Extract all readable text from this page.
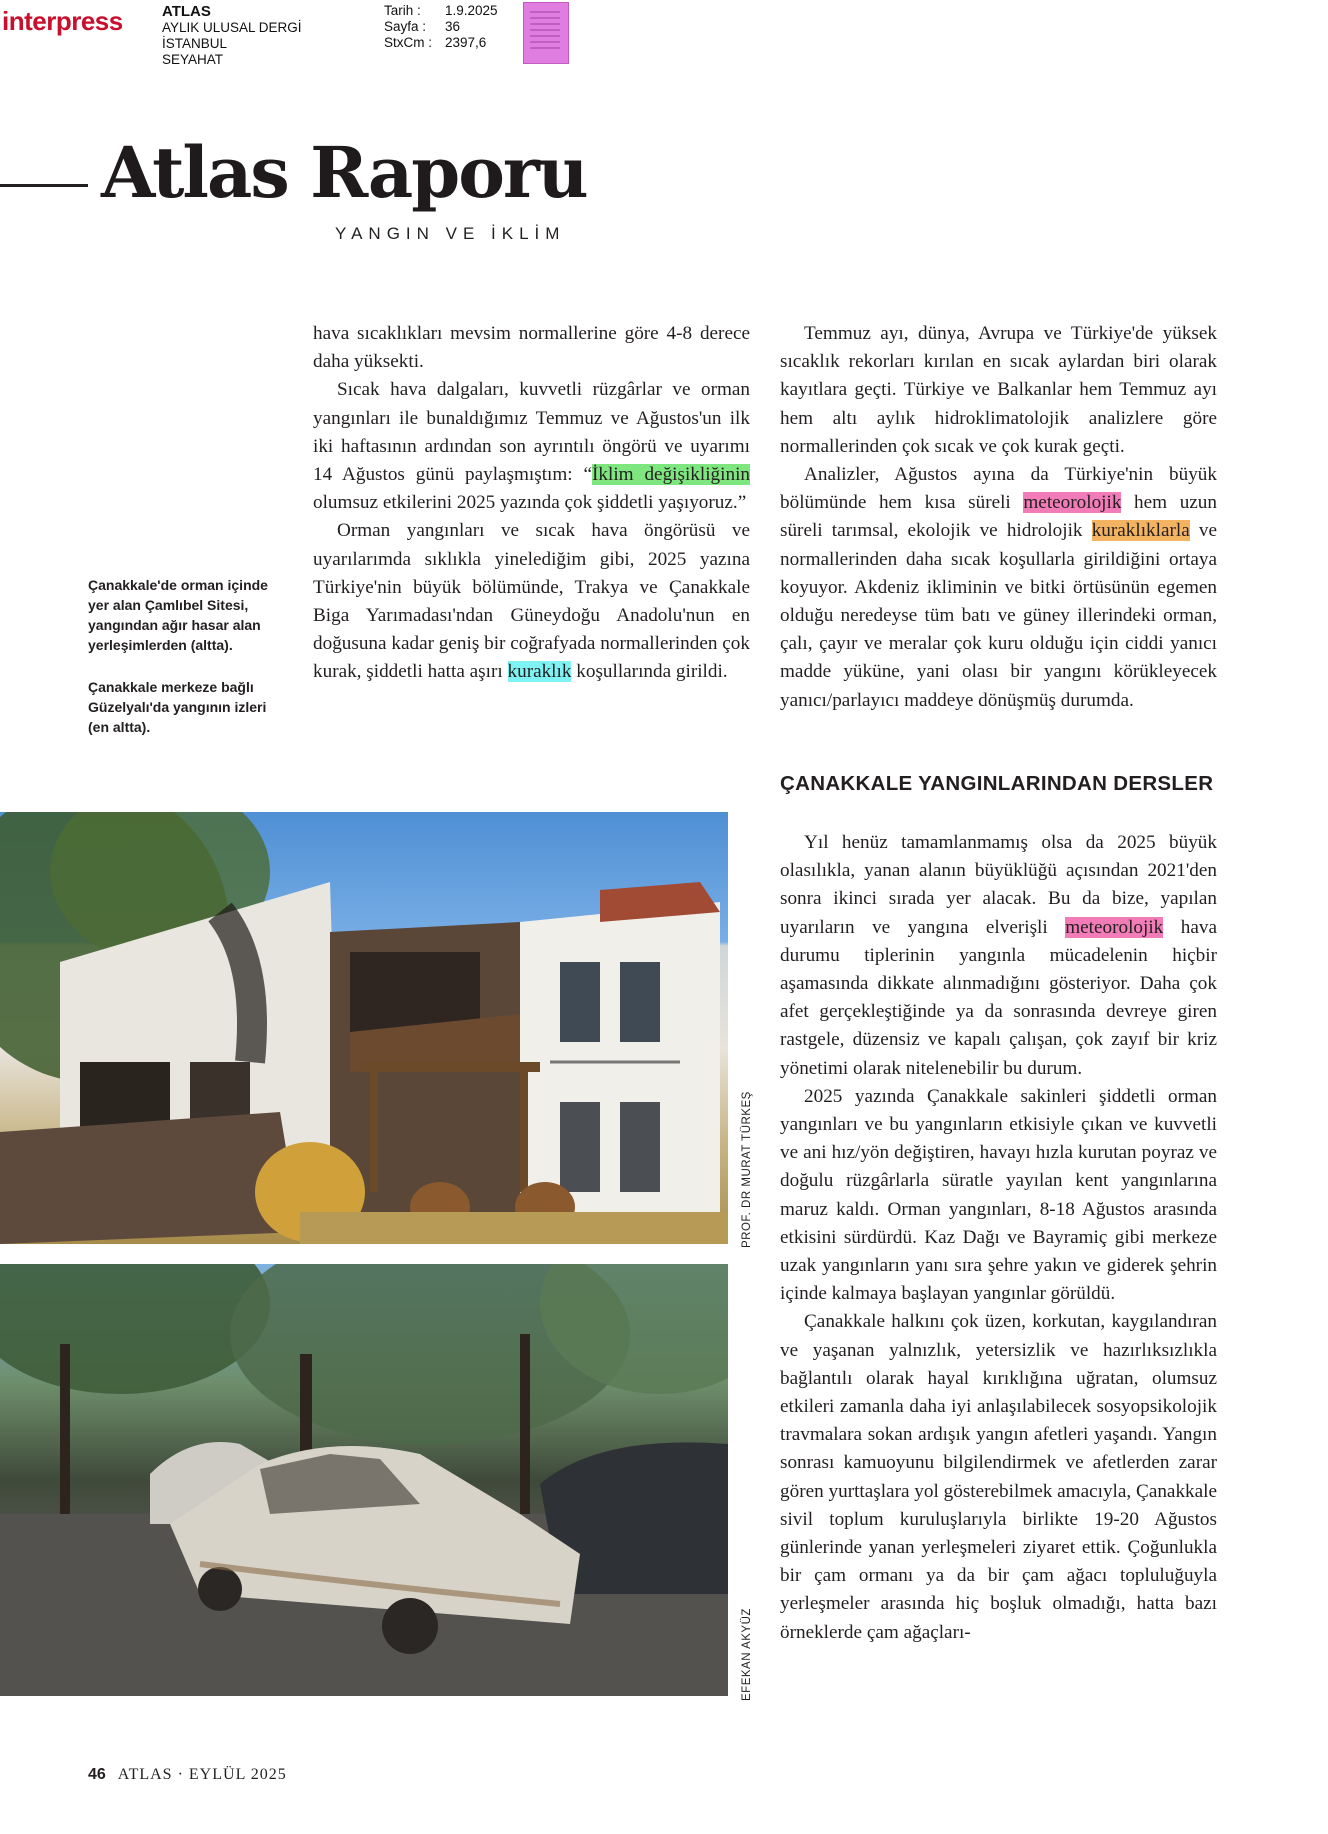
interpress	ATLAS
AYLIK ULUSAL DERGİ
İSTANBUL
SEYAHAT
Tarih :	1.9.2025
Sayfa :	36
StxCm : 2397,6
Atlas Raporu
YANGIN VE İKLİM

Çanakkale'de orman içinde yer alan Çamlıbel Sitesi, yangından ağır hasar alan yerleşimlerden (altta).

Çanakkale merkeze bağlı Güzelyalı'da yangının izleri (en altta).

hava sıcaklıkları mevsim normallerine göre 4-8 derece daha yüksekti.

Sıcak hava dalgaları, kuvvetli rüzgârlar ve orman yangınları ile bunaldığımız Temmuz ve Ağustos'un ilk iki haftasının ardından son ayrıntılı öngörü ve uyarımı 14 Ağustos günü paylaşmıştım: “İklim değişikliğinin olumsuz etkilerini 2025 yazında çok şiddetli yaşıyoruz.”

Orman yangınları ve sıcak hava öngörüsü ve uyarılarımda sıklıkla yinelediğim gibi, 2025 yazına Türkiye'nin büyük bölümünde, Trakya ve Çanakkale Biga Yarımadası'ndan Güneydoğu Anadolu'nun en doğusuna kadar geniş bir coğrafyada normallerinden çok kurak, şiddetli hatta aşırı kuraklık koşullarında girildi.

Temmuz ayı, dünya, Avrupa ve Türkiye'de yüksek sıcaklık rekorları kırılan en sıcak aylardan biri olarak kayıtlara geçti. Türkiye ve Balkanlar hem Temmuz ayı hem altı aylık hidroklimatolojik analizlere göre normallerinden çok sıcak ve çok kurak geçti.

Analizler, Ağustos ayına da Türkiye'nin büyük bölümünde hem kısa süreli meteorolojik hem uzun süreli tarımsal, ekolojik ve hidrolojik kuraklıklarla ve normallerinden daha sıcak koşullarla girildiğini ortaya koyuyor. Akdeniz ikliminin ve bitki örtüsünün egemen olduğu neredeyse tüm batı ve güney illerindeki orman, çalı, çayır ve meralar çok kuru olduğu için ciddi yanıcı madde yüküne, yani olası bir yangını körükleyecek yanıcı/parlayıcı maddeye dönüşmüş durumda.

ÇANAKKALE YANGINLARINDAN DERSLER

Yıl henüz tamamlanmamış olsa da 2025 büyük olasılıkla, yanan alanın büyüklüğü açısından 2021'den sonra ikinci sırada yer alacak. Bu da bize, yapılan uyarıların ve yangına elverişli meteorolojik hava durumu tiplerinin yangınla mücadelenin hiçbir aşamasında dikkate alınmadığını gösteriyor. Daha çok afet gerçekleştiğinde ya da sonrasında devreye giren rastgele, düzensiz ve kapalı çalışan, çok zayıf bir kriz yönetimi olarak nitelenebilir bu durum.

2025 yazında Çanakkale sakinleri şiddetli orman yangınları ve bu yangınların etkisiyle çıkan ve kuvvetli ve ani hız/yön değiştiren, havayı hızla kurutan poyraz ve doğulu rüzgârlarla süratle yayılan kent yangınlarına maruz kaldı. Orman yangınları, 8-18 Ağustos arasında etkisini sürdürdü. Kaz Dağı ve Bayramiç gibi merkeze uzak yangınların yanı sıra şehre yakın ve giderek şehrin içinde kalmaya başlayan yangınlar görüldü.

Çanakkale halkını çok üzen, korkutan, kaygılandıran ve yaşanan yalnızlık, yetersizlik ve hazırlıksızlıkla bağlantılı olarak hayal kırıklığına uğratan, olumsuz etkileri zamanla daha iyi anlaşılabilecek sosyopsikolojik travmalara sokan ardışık yangın afetleri yaşandı. Yangın sonrası kamuoyunu bilgilendirmek ve afetlerden zarar gören yurttaşlara yol gösterebilmek amacıyla, Çanakkale sivil toplum kuruluşlarıyla birlikte 19-20 Ağustos günlerinde yanan yerleşmeleri ziyaret ettik. Çoğunlukla bir çam ormanı ya da bir çam ağacı topluluğuyla yerleşmeler arasında hiç boşluk olmadığı, hatta bazı örneklerde çam ağaçları-

PROF. DR MURAT TÜRKEŞ
EFEKAN AKYÜZ
46 ATLAS · EYLÜL 2025
